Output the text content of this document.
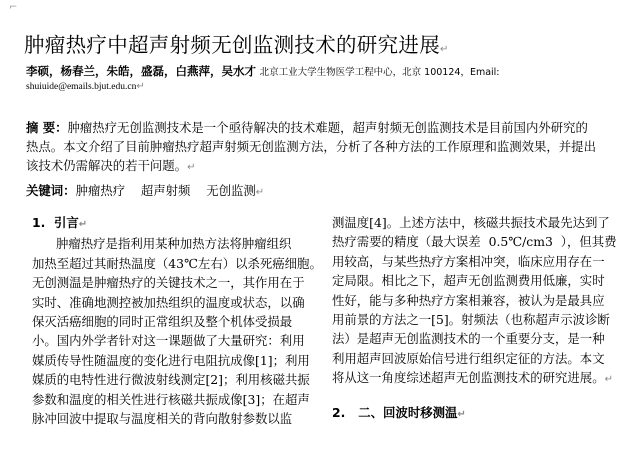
⌐
肿瘤热疗中超声射频无创监测技术的研究进展↵
李硕，杨春兰，朱皓，盛磊，白燕萍，吴水才 北京工业大学生物医学工程中心，北京 100124，Email:
shuiuide@emails.bjut.edu.cn↵
摘 要：肿瘤热疗无创监测技术是一个亟待解决的技术难题，超声射频无创监测技术是目前国内外研究的
热点。本文介绍了目前肿瘤热疗超声射频无创监测方法，分析了各种方法的工作原理和监测效果，并提出
该技术仍需解决的若干问题。↵
关键词：肿瘤热疗    超声射频    无创监测↵
1.  引言↵
肿瘤热疗是指利用某种加热方法将肿瘤组织
加热至超过其耐热温度（43℃左右）以杀死癌细胞。
无创测温是肿瘤热疗的关键技术之一，其作用在于
实时、准确地测控被加热组织的温度或状态，以确
保灭活癌细胞的同时正常组织及整个机体受损最
小。国内外学者针对这一课题做了大量研究：利用
媒质传导性随温度的变化进行电阻抗成像[1]；利用
媒质的电特性进行微波射线测定[2]；利用核磁共振
参数和温度的相关性进行核磁共振成像[3]；在超声
脉冲回波中提取与温度相关的背向散射参数以监
测温度[4]。上述方法中，核磁共振技术最先达到了
热疗需要的精度（最大误差  0.5℃/cm3  ），但其费
用较高，与某些热疗方案相冲突，临床应用存在一
定局限。相比之下，超声无创监测费用低廉，实时
性好，能与多种热疗方案相兼容，被认为是最具应
用前景的方法之一[5]。射频法（也称超声示波诊断
法）是超声无创监测技术的一个重要分支，是一种
利用超声回波原始信号进行组织定征的方法。本文
将从这一角度综述超声无创监测技术的研究进展。↵
2.   二、回波时移测温↵
